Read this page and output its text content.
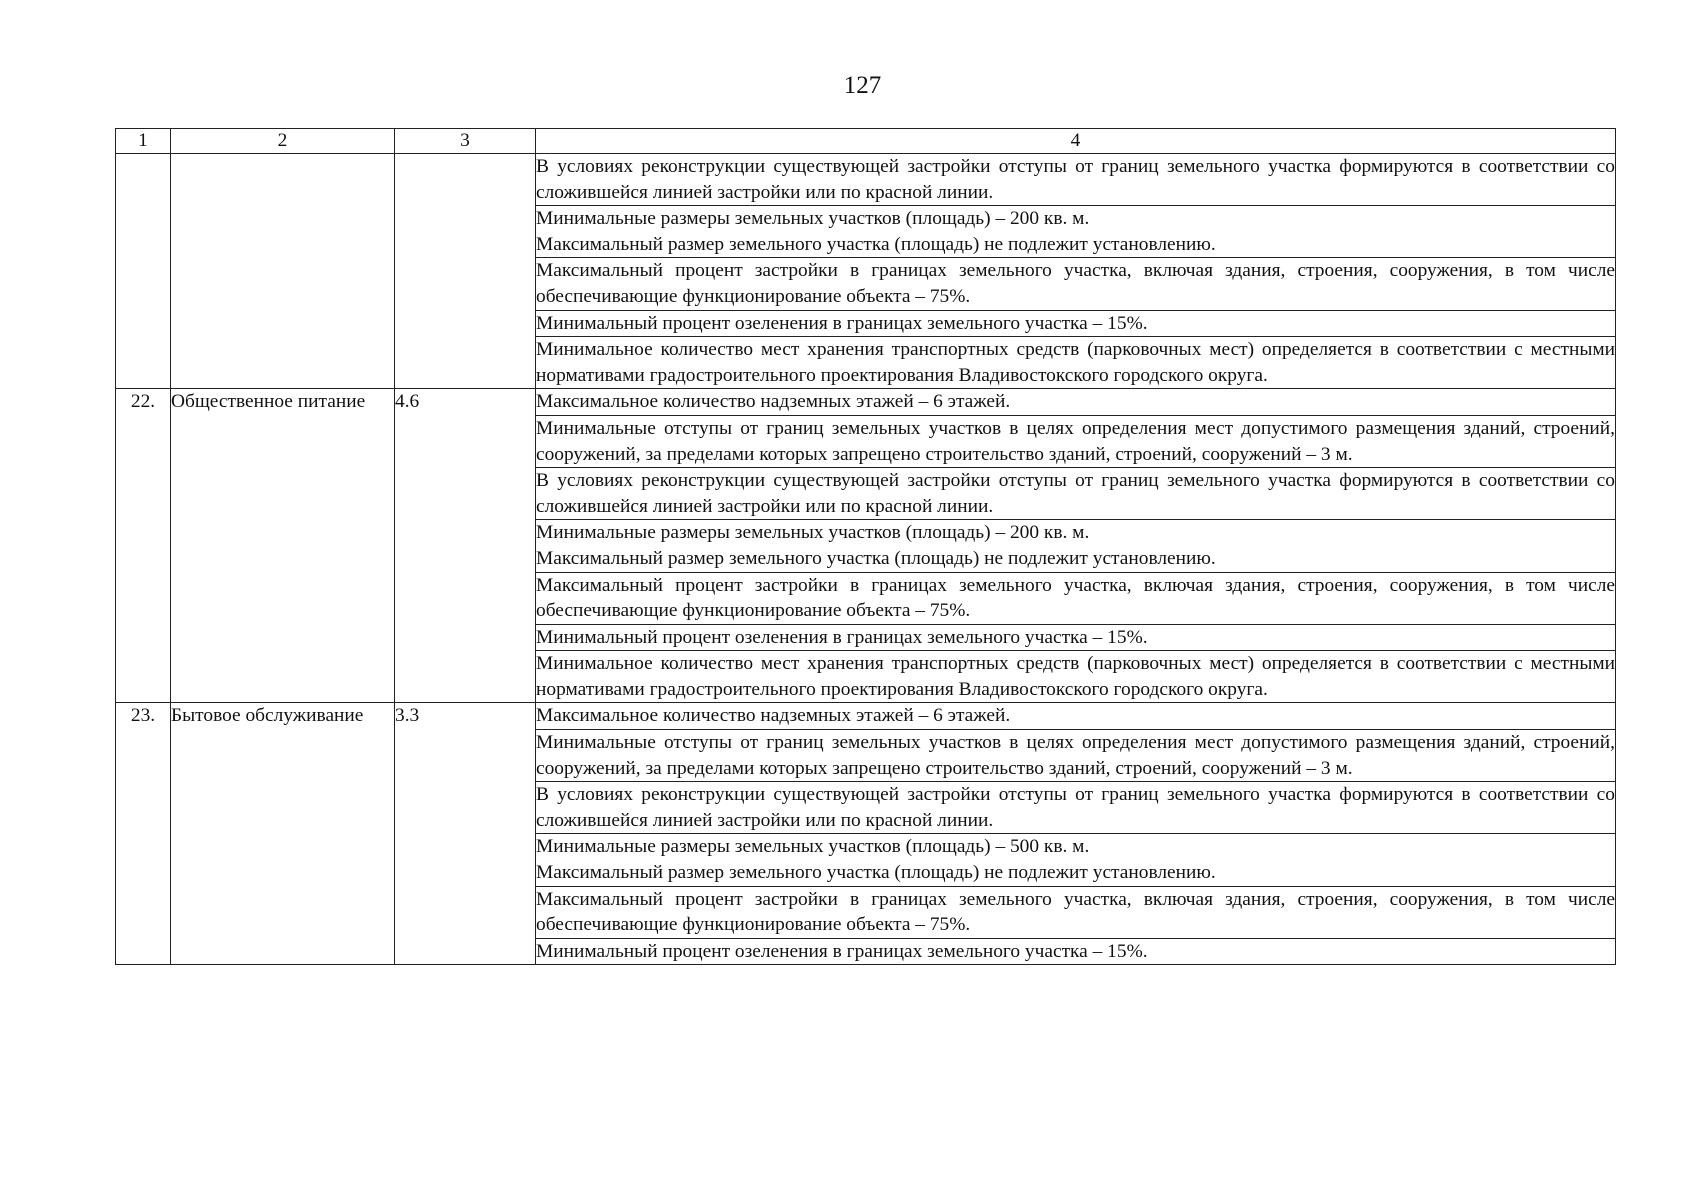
127
1	2	3	4

			В условиях реконструкции существующей застройки отступы от границ земельного участка формируются в соответствии со сложившейся линией застройки или по красной линии.

			Минимальные размеры земельных участков (площадь) – 200 кв. м.
Максимальный размер земельного участка (площадь) не подлежит установлению.

			Максимальный процент застройки в границах земельного участка, включая здания, строения, сооружения, в том числе обеспечивающие функционирование объекта – 75%.

			Минимальный процент озеленения в границах земельного участка – 15%.

			Минимальное количество мест хранения транспортных средств (парковочных мест) определяется в соответствии с местными нормативами градостроительного проектирования Владивостокского городского округа.

22.	Общественное питание	4.6	Максимальное количество надземных этажей – 6 этажей.

			Минимальные отступы от границ земельных участков в целях определения мест допустимого размещения зданий, строений, сооружений, за пределами которых запрещено строительство зданий, строений, сооружений – 3 м.

			В условиях реконструкции существующей застройки отступы от границ земельного участка формируются в соответствии со сложившейся линией застройки или по красной линии.

			Минимальные размеры земельных участков (площадь) – 200 кв. м.
Максимальный размер земельного участка (площадь) не подлежит установлению.

			Максимальный процент застройки в границах земельного участка, включая здания, строения, сооружения, в том числе обеспечивающие функционирование объекта – 75%.

			Минимальный процент озеленения в границах земельного участка – 15%.

			Минимальное количество мест хранения транспортных средств (парковочных мест) определяется в соответствии с местными нормативами градостроительного проектирования Владивостокского городского округа.

23.	Бытовое обслуживание	3.3	Максимальное количество надземных этажей – 6 этажей.

			Минимальные отступы от границ земельных участков в целях определения мест допустимого размещения зданий, строений, сооружений, за пределами которых запрещено строительство зданий, строений, сооружений – 3 м.

			В условиях реконструкции существующей застройки отступы от границ земельного участка формируются в соответствии со сложившейся линией застройки или по красной линии.

			Минимальные размеры земельных участков (площадь) – 500 кв. м.
Максимальный размер земельного участка (площадь) не подлежит установлению.

			Максимальный процент застройки в границах земельного участка, включая здания, строения, сооружения, в том числе обеспечивающие функционирование объекта – 75%.

			Минимальный процент озеленения в границах земельного участка – 15%.
